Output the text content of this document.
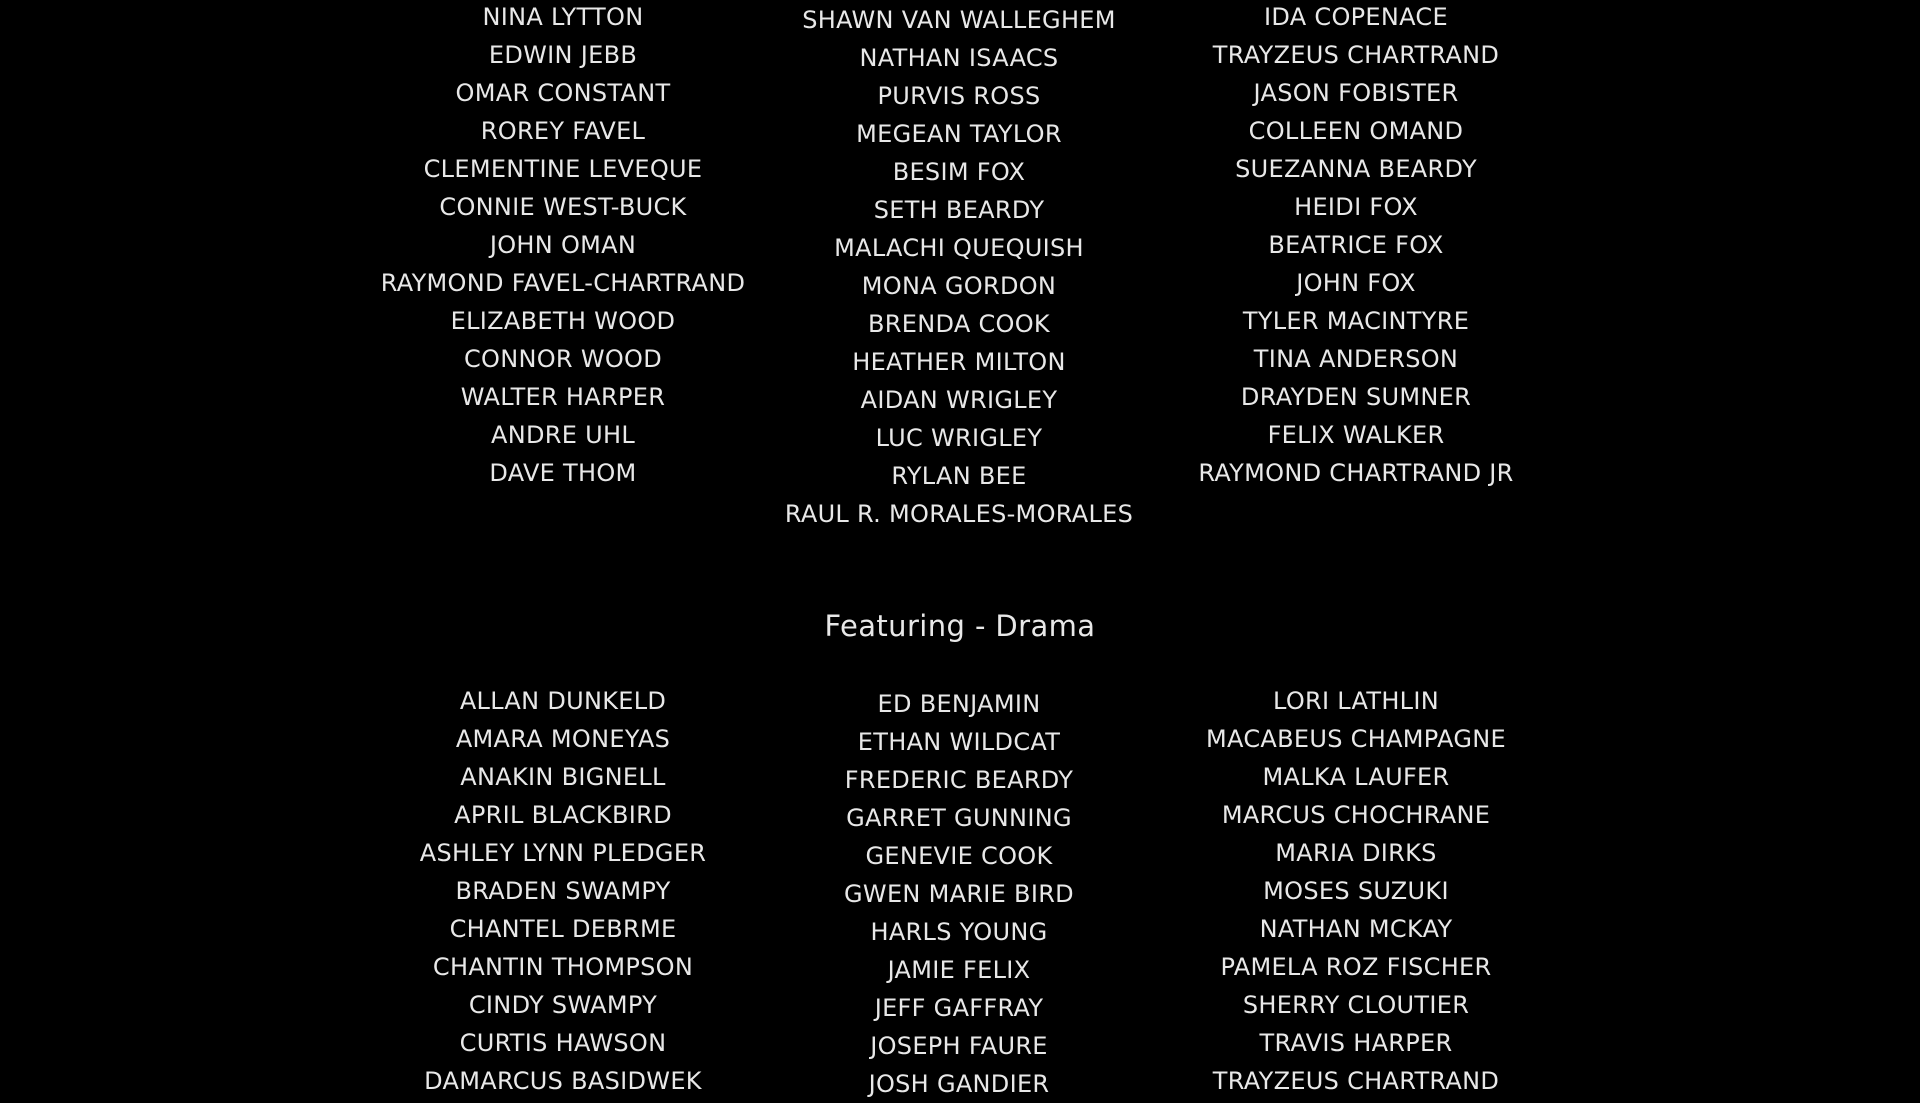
NINA LYTTON
EDWIN JEBB
OMAR CONSTANT
ROREY FAVEL
CLEMENTINE LEVEQUE
CONNIE WEST-BUCK
JOHN OMAN
RAYMOND FAVEL-CHARTRAND
ELIZABETH WOOD
CONNOR WOOD
WALTER HARPER
ANDRE UHL
DAVE THOM
SHAWN VAN WALLEGHEM
NATHAN ISAACS
PURVIS ROSS
MEGEAN TAYLOR
BESIM FOX
SETH BEARDY
MALACHI QUEQUISH
MONA GORDON
BRENDA COOK
HEATHER MILTON
AIDAN WRIGLEY
LUC WRIGLEY
RYLAN BEE
RAUL R. MORALES-MORALES
IDA COPENACE
TRAYZEUS CHARTRAND
JASON FOBISTER
COLLEEN OMAND
SUEZANNA BEARDY
HEIDI FOX
BEATRICE FOX
JOHN FOX
TYLER MACINTYRE
TINA ANDERSON
DRAYDEN SUMNER
FELIX WALKER
RAYMOND CHARTRAND JR
Featuring - Drama
ALLAN DUNKELD
AMARA MONEYAS
ANAKIN BIGNELL
APRIL BLACKBIRD
ASHLEY LYNN PLEDGER
BRADEN SWAMPY
CHANTEL DEBRME
CHANTIN THOMPSON
CINDY SWAMPY
CURTIS HAWSON
DAMARCUS BASIDWEK
ED BENJAMIN
ETHAN WILDCAT
FREDERIC BEARDY
GARRET GUNNING
GENEVIE COOK
GWEN MARIE BIRD
HARLS YOUNG
JAMIE FELIX
JEFF GAFFRAY
JOSEPH FAURE
JOSH GANDIER
LORI LATHLIN
MACABEUS CHAMPAGNE
MALKA LAUFER
MARCUS CHOCHRANE
MARIA DIRKS
MOSES SUZUKI
NATHAN MCKAY
PAMELA ROZ FISCHER
SHERRY CLOUTIER
TRAVIS HARPER
TRAYZEUS CHARTRAND
